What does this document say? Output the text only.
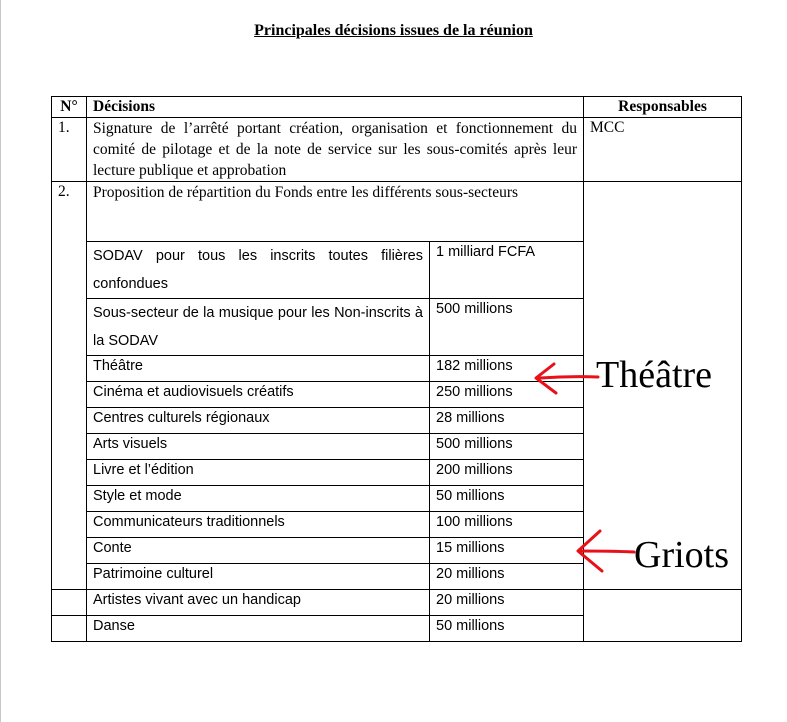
Principales décisions issues de la réunion
N°	Décisions		Responsables
1.	Signature de l’arrêté portant création, organisation et fonctionnement du comité de pilotage et de la note de service sur les sous-comités après leur lecture publique et approbation		MCC
2.	Proposition de répartition du Fonds entre les différents sous-secteurs		
	SODAV pour tous les inscrits toutes filières confondues	1 milliard FCFA	
	Sous-secteur de la musique pour les Non-inscrits à la SODAV	500 millions	
	Théâtre	182 millions	
	Cinéma et audiovisuels créatifs	250 millions	
	Centres culturels régionaux	28 millions	
	Arts visuels	500 millions	
	Livre et l’édition	200 millions	
	Style et mode	50 millions	
	Communicateurs traditionnels	100 millions	
	Conte	15 millions	
	Patrimoine culturel	20 millions	
	Artistes vivant avec un handicap	20 millions	
	Danse	50 millions	
Théâtre
Griots
